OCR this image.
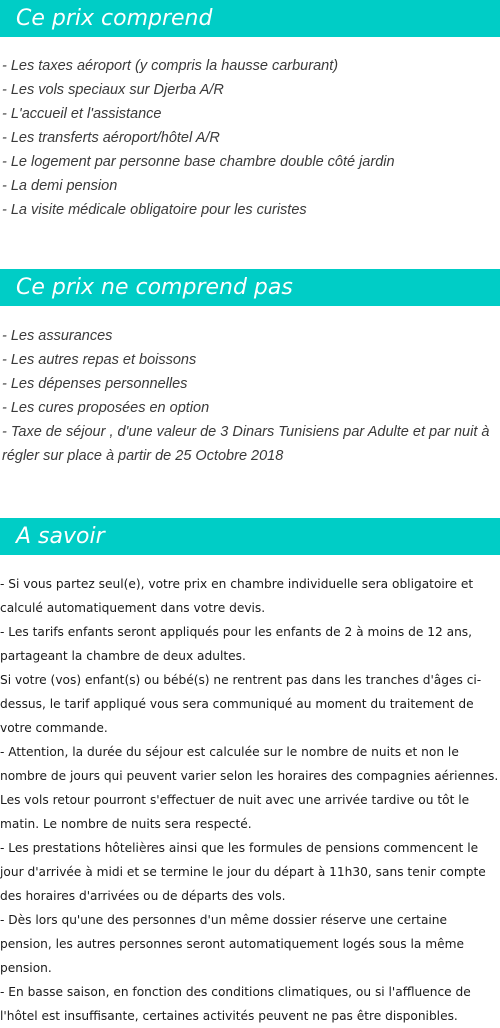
Ce prix comprend
- Les taxes aéroport (y compris la hausse carburant)
- Les vols speciaux sur Djerba A/R
- L'accueil et l'assistance
- Les transferts aéroport/hôtel A/R
- Le logement par personne base chambre double côté jardin
- La demi pension
- La visite médicale obligatoire pour les curistes
Ce prix ne comprend pas
- Les assurances
- Les autres repas et boissons
- Les dépenses personnelles
- Les cures proposées en option
- Taxe de séjour , d'une valeur de 3 Dinars Tunisiens par Adulte et par nuit à régler sur place à partir de 25 Octobre 2018
A savoir
- Si vous partez seul(e), votre prix en chambre individuelle sera obligatoire et calculé automatiquement dans votre devis.
- Les tarifs enfants seront appliqués pour les enfants de 2 à moins de 12 ans, partageant la chambre de deux adultes.
Si votre (vos) enfant(s) ou bébé(s) ne rentrent pas dans les tranches d'âges ci-dessus, le tarif appliqué vous sera communiqué au moment du traitement de votre commande.
- Attention, la durée du séjour est calculée sur le nombre de nuits et non le nombre de jours qui peuvent varier selon les horaires des compagnies aériennes. Les vols retour pourront s'effectuer de nuit avec une arrivée tardive ou tôt le matin. Le nombre de nuits sera respecté.
- Les prestations hôtelières ainsi que les formules de pensions commencent le jour d'arrivée à midi et se termine le jour du départ à 11h30, sans tenir compte des horaires d'arrivées ou de départs des vols.
- Dès lors qu'une des personnes d'un même dossier réserve une certaine pension, les autres personnes seront automatiquement logés sous la même pension.
- En basse saison, en fonction des conditions climatiques, ou si l'affluence de l'hôtel est insuffisante, certaines activités peuvent ne pas être disponibles.
